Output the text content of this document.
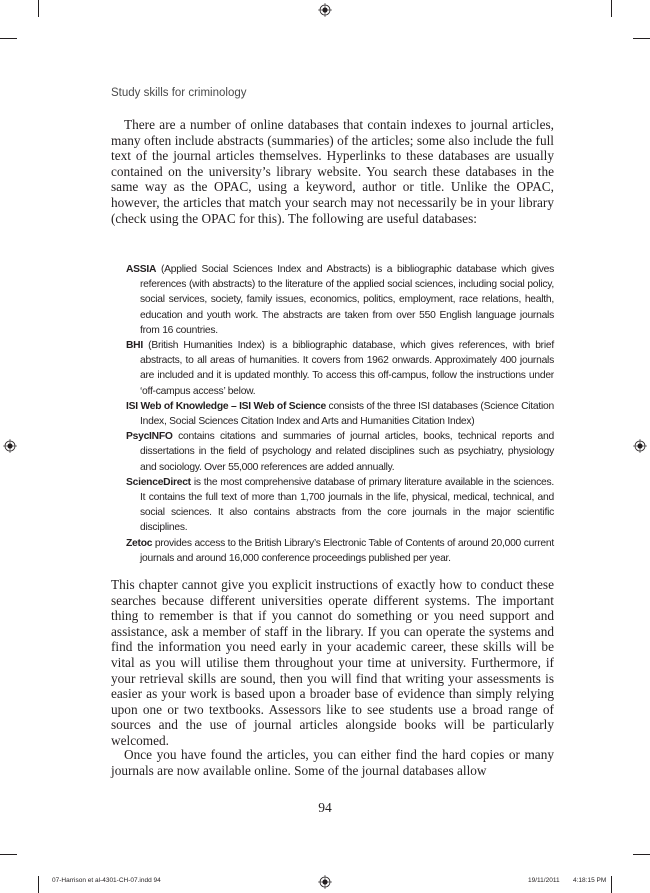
Study skills for criminology

There are a number of online databases that contain indexes to journal articles, many often include abstracts (summaries) of the articles; some also include the full text of the journal articles themselves. Hyperlinks to these databases are usually contained on the university’s library website. You search these databases in the same way as the OPAC, using a keyword, author or title. Unlike the OPAC, however, the articles that match your search may not necessarily be in your library (check using the OPAC for this). The following are useful databases:

ASSIA (Applied Social Sciences Index and Abstracts) is a bibliographic database which gives references (with abstracts) to the literature of the applied social sciences, including social policy, social services, society, family issues, economics, politics, employment, race relations, health, education and youth work. The abstracts are taken from over 550 English language journals from 16 countries.
BHI (British Humanities Index) is a bibliographic database, which gives references, with brief abstracts, to all areas of humanities. It covers from 1962 onwards. Approximately 400 journals are included and it is updated monthly. To access this off-campus, follow the instructions under ‘off-campus access’ below.
ISI Web of Knowledge – ISI Web of Science consists of the three ISI databases (Science Citation Index, Social Sciences Citation Index and Arts and Humanities Citation Index)
PsycINFO contains citations and summaries of journal articles, books, technical reports and dissertations in the field of psychology and related disciplines such as psychiatry, physiology and sociology. Over 55,000 references are added annually.
ScienceDirect is the most comprehensive database of primary literature available in the sciences. It contains the full text of more than 1,700 journals in the life, physical, medical, technical, and social sciences. It also contains abstracts from the core journals in the major scientific disciplines.
Zetoc provides access to the British Library’s Electronic Table of Contents of around 20,000 current journals and around 16,000 conference proceedings published per year.

This chapter cannot give you explicit instructions of exactly how to conduct these searches because different universities operate different systems. The important thing to remember is that if you cannot do something or you need support and assistance, ask a member of staff in the library. If you can operate the systems and find the information you need early in your academic career, these skills will be vital as you will utilise them throughout your time at university. Furthermore, if your retrieval skills are sound, then you will find that writing your assessments is easier as your work is based upon a broader base of evidence than simply relying upon one or two textbooks. Assessors like to see students use a broad range of sources and the use of journal articles alongside books will be particularly welcomed.

Once you have found the articles, you can either find the hard copies or many journals are now available online. Some of the journal databases allow

94
07-Harrison et al-4301-CH-07.indd 94	19/11/2011 4:18:15 PM
